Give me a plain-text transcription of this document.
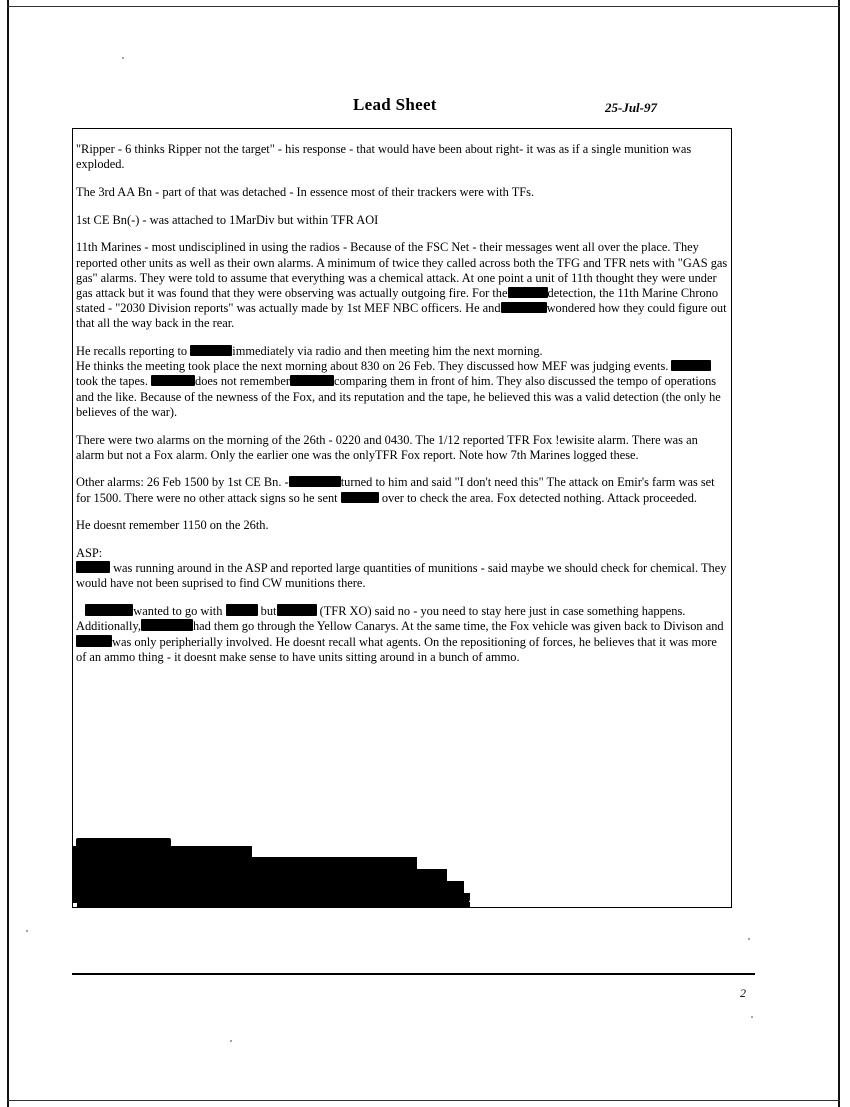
Lead Sheet	25-Jul-97

"Ripper - 6 thinks Ripper not the target" - his response - that would have been about right- it was as if a single munition was exploded.

The 3rd AA Bn - part of that was detached - In essence most of their trackers were with TFs.

1st CE Bn(-) - was attached to 1MarDiv but within TFR AOI

11th Marines - most undisciplined in using the radios - Because of the FSC Net - their messages went all over the place. They reported other units as well as their own alarms. A minimum of twice they called across both the TFG and TFR nets with "GAS gas gas" alarms. They were told to assume that everything was a chemical attack. At one point a unit of 11th thought they were under gas attack but it was found that they were observing was actually outgoing fire. For the	detection, the 11th Marine Chrono stated - "2030 Division reports" was actually made by 1st MEF NBC officers. He and	wondered how they could figure out that all the way back in the rear.

He recalls reporting to	immediately via radio and then meeting him the next morning.

He thinks the meeting took place the next morning about 830 on 26 Feb. They discussed how MEF was judging events. took the tapes.	does not remember	comparing them in front of him. They also discussed the tempo of operations and the like. Because of the newness of the Fox, and its reputation and the tape, he believed this was a valid detection (the only he believes of the war).

There were two alarms on the morning of the 26th - 0220 and 0430. The 1/12 reported TFR Fox !ewisite alarm. There was an alarm but not a Fox alarm. Only the earlier one was the onlyTFR Fox report. Note how 7th Marines logged these.

Other alarms: 26 Feb 1500 by 1st CE Bn. -	turned to him and said "I don't need this" The attack on Emir's farm was set for 1500. There were no other attack signs so he sent	over to check the area. Fox detected nothing. Attack proceeded.

He doesnt remember 1150 on the 26th.

ASP:

was running around in the ASP and reported large quantities of munitions - said maybe we should check for chemical. They would have not been suprised to find CW munitions there.

wanted to go with	but	(TFR XO) said no - you need to stay here just in case something happens. Additionally,	had them go through the Yellow Canarys. At the same time, the Fox vehicle was given back to Divison andwas only peripherially involved. He doesnt recall what agents. On the repositioning of forces, he believes that it was more of an ammo thing - it doesnt make sense to have units sitting around in a bunch of ammo.

2
